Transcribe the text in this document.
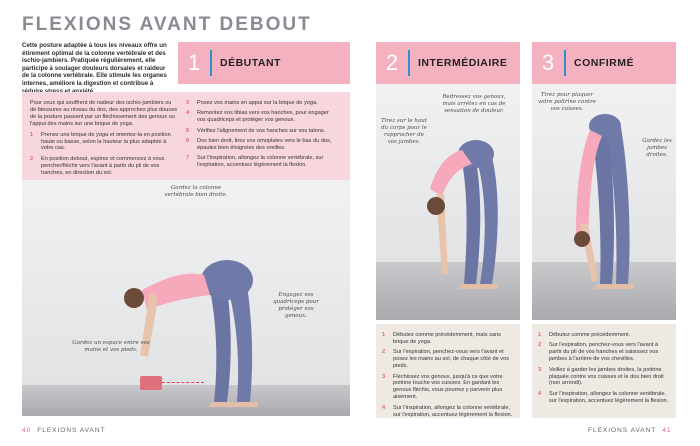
FLEXIONS AVANT DEBOUT

Cette posture adaptée à tous les niveaux offre un étirement optimal de la colonne vertébrale et des ischio-jambiers. Pratiquée régulièrement, elle participe à soulager douleurs dorsales et raideur de la colonne vertébrale. Elle stimule les organes internes, améliore la digestion et contribue à

1	DÉBUTANT

Pour ceux qui souffrent de raideur des ischio-jambiers ou de blessures au niveau du dos, des approches plus douces de la posture passent par un fléchissement des genoux ou l'appui des mains sur une brique de yoga.

1 Prenez une brique de yoga et orientez-la en position haute ou basse, selon la hauteur la plus adaptée à votre cas.
2 En position debout, expirez et commencez à vous pencher/fléchir vers l'avant à partir du pli de vos hanches, en direction du sol.
3 Posez vos mains en appui sur la brique de yoga.
4 Remontez vos tibias vers vos hanches, pour engager vos quadriceps et protéger vos genoux.
5 Vérifiez l'alignement de vos hanches sur vos talons.
6 Dos bien droit, tirez vos omoplates vers le bas du dos, épaules bien éloignées des oreilles.
7 Sur l'inspiration, allongez la colonne vertébrale, sur l'expiration, accentuez légèrement la flexion.
Gardez la colonne vertébrale bien droite.
Engagez vos quadriceps pour protéger vos genoux.
Gardez un espace entre vos mains et vos pieds.
40 FLEXIONS AVANT
2	INTERMÉDIAIRE
Redressez vos genoux, mais arrêtez en cas de sensation de douleur.
Tirez sur le haut du corps pour le rapprocher de vos jambes.
1 Débutez comme précédemment, mais sans brique de yoga.
2 Sur l'expiration, penchez-vous vers l'avant et posez les mains au sol, de chaque côté de vos pieds.
3 Fléchissez vos genoux, jusqu'à ce que votre poitrine touche vos cuisses. En gardant les genoux fléchis, vous pourrez y parvenir plus aisément.
4 Sur l'inspiration, allongez la colonne vertébrale, sur l'expiration, accentuez légèrement la flexion.
3	CONFIRMÉ
Tirez pour plaquer votre poitrine contre vos cuisses.
Gardez les jambes droites.
1 Débutez comme précédemment.
2 Sur l'expiration, penchez-vous vers l'avant à partir du pli de vos hanches et saisissez vos jambes à l'arrière de vos chevilles.
3 Veillez à garder les jambes droites, la poitrine plaquée contre vos cuisses et le dos bien droit (non arrondi).
4 Sur l'inspiration, allongez la colonne vertébrale, sur l'expiration, accentuez légèrement la flexion.
FLEXIONS AVANT 41
